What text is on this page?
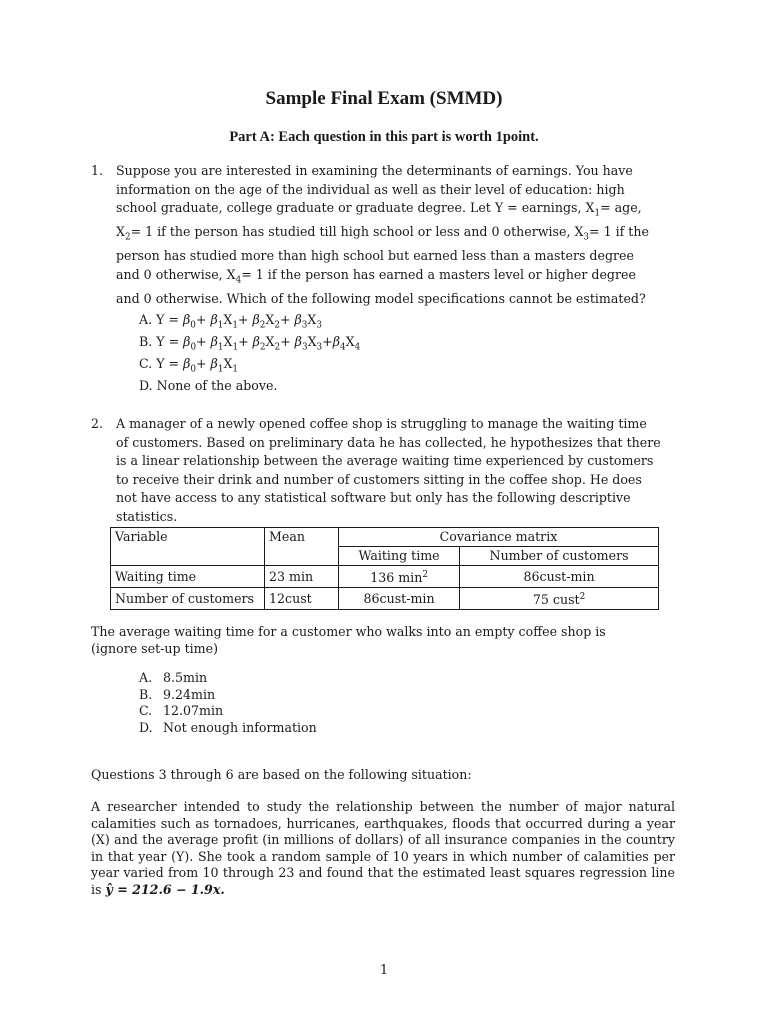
Sample Final Exam (SMMD)
Part A: Each question in this part is worth 1point.
1. Suppose you are interested in examining the determinants of earnings. You have information on the age of the individual as well as their level of education: high school graduate, college graduate or graduate degree. Let Y = earnings, $X_1=$ age, $X_2= 1$ if the person has studied till high school or less and 0 otherwise, $X_3= 1$ if the person has studied more than high school but earned less than a masters degree and 0 otherwise, $X_4= 1$ if the person has earned a masters level or higher degree and 0 otherwise. Which of the following model specifications cannot be estimated?
A. $Y = \beta_0+ \beta_1X_1+ \beta_2X_2+ \beta_3X_3$
B. $Y = \beta_0+ \beta_1X_1+ \beta_2X_2+ \beta_3X_3+\beta_4X_4$
C. $Y = \beta_0+ \beta_1X_1$
D. None of the above.
2. A manager of a newly opened coffee shop is struggling to manage the waiting time of customers. Based on preliminary data he has collected, he hypothesizes that there is a linear relationship between the average waiting time experienced by customers to receive their drink and number of customers sitting in the coffee shop. He does not have access to any statistical software but only has the following descriptive statistics.
Variable	Mean	Covariance matrix	
		Waiting time	Number of customers
Waiting time	23 min	136 $\min^2$	86cust-min
Number of customers	12cust	86cust-min	75 cust$^2$
The average waiting time for a customer who walks into an empty coffee shop is
(ignore set-up time)
A. 8.5min
B. 9.24min
C. 12.07min
D. Not enough information
Questions 3 through 6 are based on the following situation:
A researcher intended to study the relationship between the number of major natural calamities such as tornadoes, hurricanes, earthquakes, floods that occurred during a year (X) and the average profit (in millions of dollars) of all insurance companies in the country in that year (Y). She took a random sample of 10 years in which number of calamities per year varied from 10 through 23 and found that the estimated least squares regression line is ŷ = 212.6 − 1.9x.
1
